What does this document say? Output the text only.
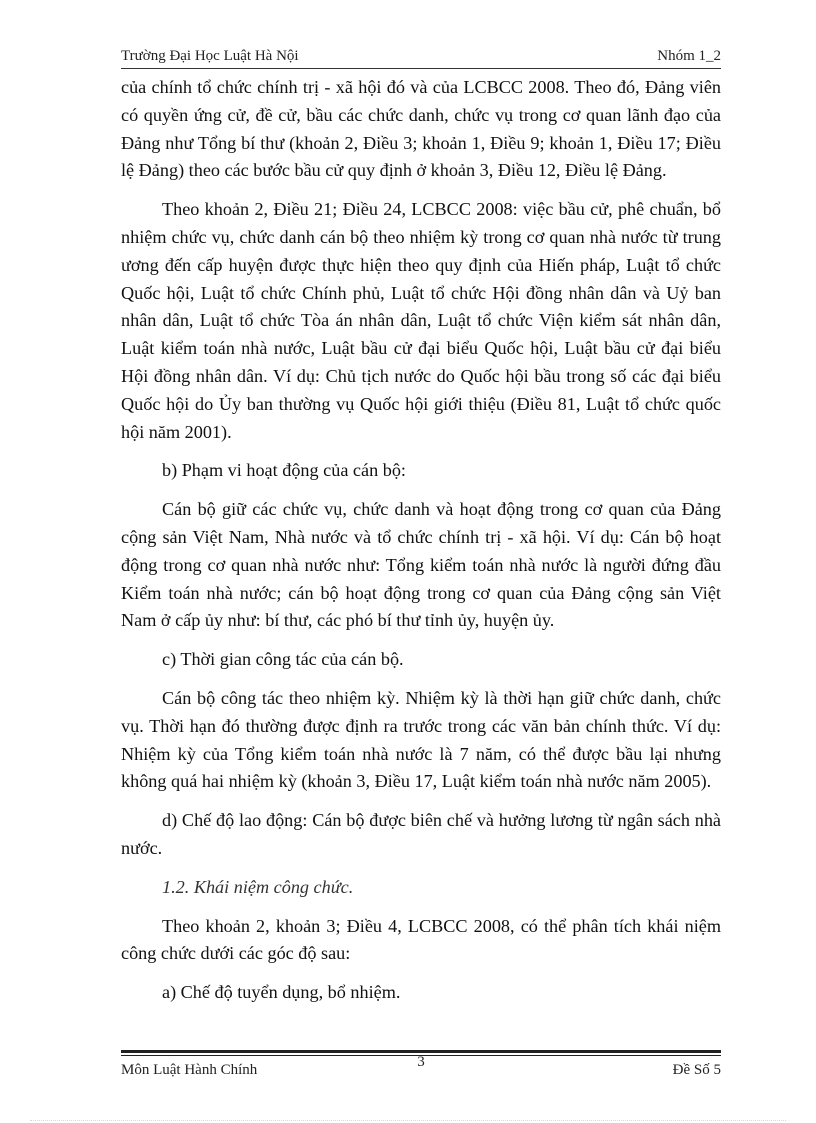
Trường Đại Học Luật Hà Nội	Nhóm 1_2

của chính tổ chức chính trị - xã hội đó và của LCBCC 2008. Theo đó, Đảng viên có quyền ứng cử, đề cử, bầu các chức danh, chức vụ trong cơ quan lãnh đạo của Đảng như Tổng bí thư (khoản 2, Điều 3; khoản 1, Điều 9; khoản 1, Điều 17; Điều lệ Đảng) theo các bước bầu cử quy định ở khoản 3, Điều 12, Điều lệ Đảng.

Theo khoản 2, Điều 21; Điều 24, LCBCC 2008: việc bầu cử, phê chuẩn, bổ nhiệm chức vụ, chức danh cán bộ theo nhiệm kỳ trong cơ quan nhà nước từ trung ương đến cấp huyện được thực hiện theo quy định của Hiến pháp, Luật tổ chức Quốc hội, Luật tổ chức Chính phủ, Luật tổ chức Hội đồng nhân dân và Uỷ ban nhân dân, Luật tổ chức Tòa án nhân dân, Luật tổ chức Viện kiểm sát nhân dân, Luật kiểm toán nhà nước, Luật bầu cử đại biểu Quốc hội, Luật bầu cử đại biểu Hội đồng nhân dân. Ví dụ: Chủ tịch nước do Quốc hội bầu trong số các đại biểu Quốc hội do Ủy ban thường vụ Quốc hội giới thiệu (Điều 81, Luật tổ chức quốc hội năm 2001).

b) Phạm vi hoạt động của cán bộ:

Cán bộ giữ các chức vụ, chức danh và hoạt động trong cơ quan của Đảng cộng sản Việt Nam, Nhà nước và tổ chức chính trị - xã hội. Ví dụ: Cán bộ hoạt động trong cơ quan nhà nước như: Tổng kiểm toán nhà nước là người đứng đầu Kiểm toán nhà nước; cán bộ hoạt động trong cơ quan của Đảng cộng sản Việt Nam ở cấp ủy như: bí thư, các phó bí thư tỉnh ủy, huyện ủy.

c) Thời gian công tác của cán bộ.

Cán bộ công tác theo nhiệm kỳ. Nhiệm kỳ là thời hạn giữ chức danh, chức vụ. Thời hạn đó thường được định ra trước trong các văn bản chính thức. Ví dụ: Nhiệm kỳ của Tổng kiểm toán nhà nước là 7 năm, có thể được bầu lại nhưng không quá hai nhiệm kỳ (khoản 3, Điều 17, Luật kiểm toán nhà nước năm 2005).

d) Chế độ lao động: Cán bộ được biên chế và hưởng lương từ ngân sách nhà nước.

1.2. Khái niệm công chức.

Theo khoản 2, khoản 3; Điều 4, LCBCC 2008, có thể phân tích khái niệm công chức dưới các góc độ sau:

a) Chế độ tuyển dụng, bổ nhiệm.

Môn Luật Hành Chính	3	Đề Số 5
